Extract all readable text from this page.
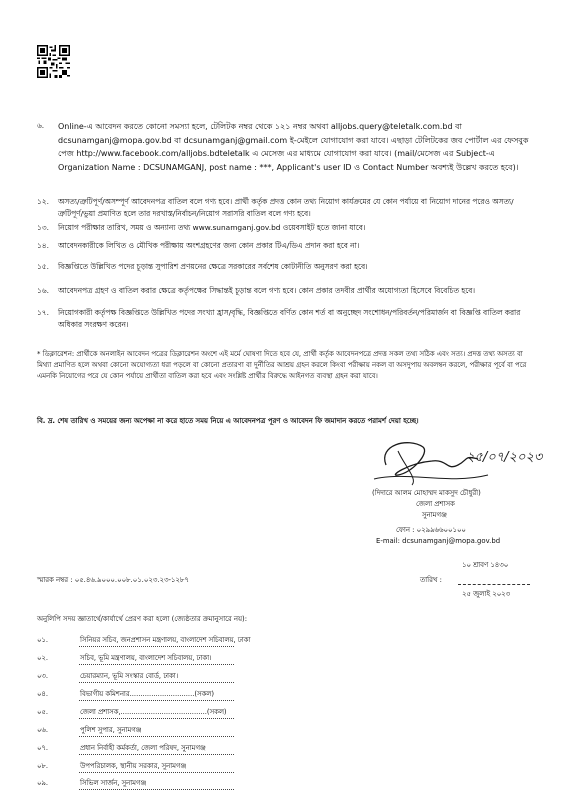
৬. Online-এ আবেদন করতে কোনো সমস্যা হলে, টেলিটক নম্বর থেকে ১২১ নম্বর অথবা alljobs.query@teletalk.com.bd বা dcsunamganj@mopa.gov.bd বা dcsunamganj@gmail.com ই-মেইলে যোগাযোগ করা যাবে। এছাড়া টেলিটকের জব পোর্টাল এর ফেসবুক পেজ http://www.facebook.com/alljobs.bdteletalk এ মেসেজ এর মাধ্যমে যোগাযোগ করা যাবে। (mail/মেসেজ এর Subject-এ Organization Name : DCSUNAMGANJ, post name : ***, Applicant's user ID ও Contact Number অবশ্যই উল্লেখ করতে হবে)।
১২. অসত্য/ত্রুটিপূর্ণ/অসম্পূর্ণ আবেদনপত্র বাতিল বলে গণ্য হবে। প্রার্থী কর্তৃক প্রদত্ত কোন তথ্য নিয়োগ কার্যক্রমের যে কোন পর্যায়ে বা নিয়োগ দানের পরেও অসত্য/ত্রুটিপূর্ণ/ভুয়া প্রমাণিত হলে তার দরখাস্ত/নির্বাচন/নিয়োগ সরাসরি বাতিল বলে গণ্য হবে।
১৩. নিয়োগ পরীক্ষার তারিখ, সময় ও অন্যান্য তথ্য www.sunamganj.gov.bd ওয়েবসাইট হতে জানা যাবে।
১৪. আবেদনকারীকে লিখিত ও মৌখিক পরীক্ষায় অংশগ্রহণের জন্য কোন প্রকার টিএ/ডিএ প্রদান করা হবে না।
১৫. বিজ্ঞপ্তিতে উল্লিখিত পদের চূড়ান্ত সুপারিশ প্রণয়নের ক্ষেত্রে সরকারের সর্বশেষ কোটানীতি অনুসরণ করা হবে।
১৬. আবেদনপত্র গ্রহণ ও বাতিল করার ক্ষেত্রে কর্তৃপক্ষের সিদ্ধান্তই চূড়ান্ত বলে গণ্য হবে। কোন প্রকার তদবীর প্রার্থীর অযোগ্যতা হিসেবে বিবেচিত হবে।
১৭. নিয়োগকারী কর্তৃপক্ষ বিজ্ঞপ্তিতে উল্লিখিত পদের সংখ্যা হ্রাস/বৃদ্ধি, বিজ্ঞপ্তিতে বর্ণিত কোন শর্ত বা অনুচ্ছেদ সংশোধন/পরিবর্তন/পরিমার্জন বা বিজ্ঞপ্তি বাতিল করার অধিকার সংরক্ষণ করেন।
* ডিক্লারেশন: প্রার্থীকে অনলাইন আবেদন পত্রের ডিক্লারেশন অংশে এই মর্মে ঘোষণা দিতে হবে যে, প্রার্থী কর্তৃক আবেদনপত্রে প্রদত্ত সকল তথ্য সঠিক এবং সত্য। প্রদত্ত তথ্য অসত্য বা মিথ্যা প্রমাণিত হলে অথবা কোনো অযোগ্যতা ধরা পড়লে বা কোনো প্রতারণা বা দুর্নীতির আশ্রয় গ্রহন করলে কিংবা পরীক্ষায় নকল বা অসদুপায় অবলম্বন করলে, পরীক্ষার পূর্বে বা পরে এমনকি নিয়োগের পরে যে কোন পর্যায়ে প্রার্থীতা বাতিল করা হবে এবং সংশ্লিষ্ট প্রার্থীর বিরুদ্ধে আইনগত ব্যবস্থা গ্রহন করা যাবে।
বি. দ্র. শেষ তারিখ ও সময়ের জন্য অপেক্ষা না করে হাতে সময় নিয়ে এ আবেদনপত্র পূরণ ও আবেদন ফি জমাদান করতে পরামর্শ দেয়া হচ্ছে।
২৫/০৭/২০২৩
(দিদারে আলম মোহাম্মদ মাকসুদ চৌধুরী)
জেলা প্রশাসক
সুনামগঞ্জ
ফোন : ০২৯৯৬৬০০১০০
E-mail: dcsunamganj@mopa.gov.bd
১০ শ্রাবণ ১৪৩০
স্মারক নম্বর : ০৫.৪৬.৯০০০.০০৮.০১.০২৩.২৩-১২৮৭	তারিখ :
২৫ জুলাই ২০২৩
অনুলিপি সদয় জ্ঞাতার্থে/কার্যার্থে প্রেরণ করা হলো (জ্যেষ্ঠতার ক্রমানুসারে নয়):
০১.	সিনিয়র সচিব, জনপ্রশাসন মন্ত্রণালয়, বাংলাদেশ সচিবালয়, ঢাকা
০২.	সচিব, ভূমি মন্ত্রণালয়, বাংলাদেশ সচিবালয়, ঢাকা।
০৩.	চেয়ারম্যান, ভূমি সংস্কার বোর্ড, ঢাকা।
০৪.	বিভাগীয় কমিশনার..............................(সকল)
০৫.	জেলা প্রশাসক,........................................(সকল)
০৬.	পুলিশ সুপার, সুনামগঞ্জ
০৭.	প্রধান নির্বাহী কর্মকর্তা, জেলা পরিষদ, সুনামগঞ্জ
০৮.	উপপরিচালক, স্থানীয় সরকার, সুনামগঞ্জ
০৯.	সিভিল সার্জন, সুনামগঞ্জ
